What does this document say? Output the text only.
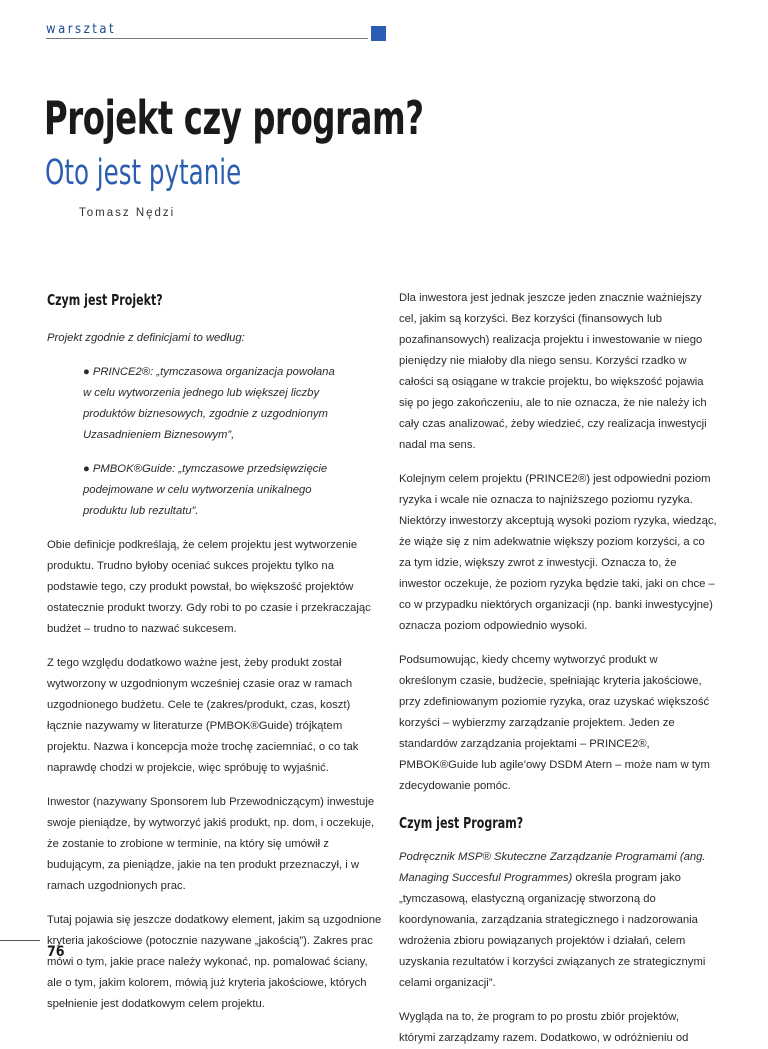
warsztat
Projekt czy program?
Oto jest pytanie
Tomasz Nędzi
Czym jest Projekt?

Projekt zgodnie z definicjami to według:

● PRINCE2®: „tymczasowa organizacja powołana w celu wytworzenia jednego lub większej liczby produktów biznesowych, zgodnie z uzgodnionym Uzasadnieniem Biznesowym”,
● PMBOK®Guide: „tymczasowe przedsięwzięcie podejmowane w celu wytworzenia unikalnego produktu lub rezultatu”.

Obie definicje podkreślają, że celem projektu jest wytworzenie produktu. Trudno byłoby oceniać sukces projektu tylko na podstawie tego, czy produkt powstał, bo większość projektów ostatecznie produkt tworzy. Gdy robi to po czasie i przekraczając budżet – trudno to nazwać sukcesem.

Z tego względu dodatkowo ważne jest, żeby produkt został wytworzony w uzgodnionym wcześniej czasie oraz w ramach uzgodnionego budżetu. Cele te (zakres/produkt, czas, koszt) łącznie nazywamy w literaturze (PMBOK®Guide) trójkątem projektu. Nazwa i koncepcja może trochę zaciemniać, o co tak naprawdę chodzi w projekcie, więc spróbuję to wyjaśnić.

Inwestor (nazywany Sponsorem lub Przewodniczącym) inwestuje swoje pieniądze, by wytworzyć jakiś produkt, np. dom, i oczekuje, że zostanie to zrobione w terminie, na który się umówił z budującym, za pieniądze, jakie na ten produkt przeznaczył, i w ramach uzgodnionych prac.

Tutaj pojawia się jeszcze dodatkowy element, jakim są uzgodnione kryteria jakościowe (potocznie nazywane „jakością”). Zakres prac mówi o tym, jakie prace należy wykonać, np. pomalować ściany, ale o tym, jakim kolorem, mówią już kryteria jakościowe, których spełnienie jest dodatkowym celem projektu.

Dla inwestora jest jednak jeszcze jeden znacznie ważniejszy cel, jakim są korzyści. Bez korzyści (finansowych lub pozafinansowych) realizacja projektu i inwestowanie w niego pieniędzy nie miałoby dla niego sensu. Korzyści rzadko w całości są osiągane w trakcie projektu, bo większość pojawia się po jego zakończeniu, ale to nie oznacza, że nie należy ich cały czas analizować, żeby wiedzieć, czy realizacja inwestycji nadal ma sens.

Kolejnym celem projektu (PRINCE2®) jest odpowiedni poziom ryzyka i wcale nie oznacza to najniższego poziomu ryzyka. Niektórzy inwestorzy akceptują wysoki poziom ryzyka, wiedząc, że wiąże się z nim adekwatnie większy poziom korzyści, a co za tym idzie, większy zwrot z inwestycji. Oznacza to, że inwestor oczekuje, że poziom ryzyka będzie taki, jaki on chce – co w przypadku niektórych organizacji (np. banki inwestycyjne) oznacza poziom odpowiednio wysoki.

Podsumowując, kiedy chcemy wytworzyć produkt w określonym czasie, budżecie, spełniając kryteria jakościowe, przy zdefiniowanym poziomie ryzyka, oraz uzyskać większość korzyści – wybierzmy zarządzanie projektem. Jeden ze standardów zarządzania projektami – PRINCE2®, PMBOK®Guide lub agile’owy DSDM Atern – może nam w tym zdecydowanie pomóc.

Czym jest Program?

Podręcznik MSP® Skuteczne Zarządzanie Programami (ang. Managing Succesful Programmes) określa program jako „tymczasową, elastyczną organizację stworzoną do koordynowania, zarządzania strategicznego i nadzorowania wdrożenia zbioru powiązanych projektów i działań, celem uzyskania rezultatów i korzyści związanych ze strategicznymi celami organizacji”.

Wygląda na to, że program to po prostu zbiór projektów, którymi zarządzamy razem. Dodatkowo, w odróżnieniu od

76
